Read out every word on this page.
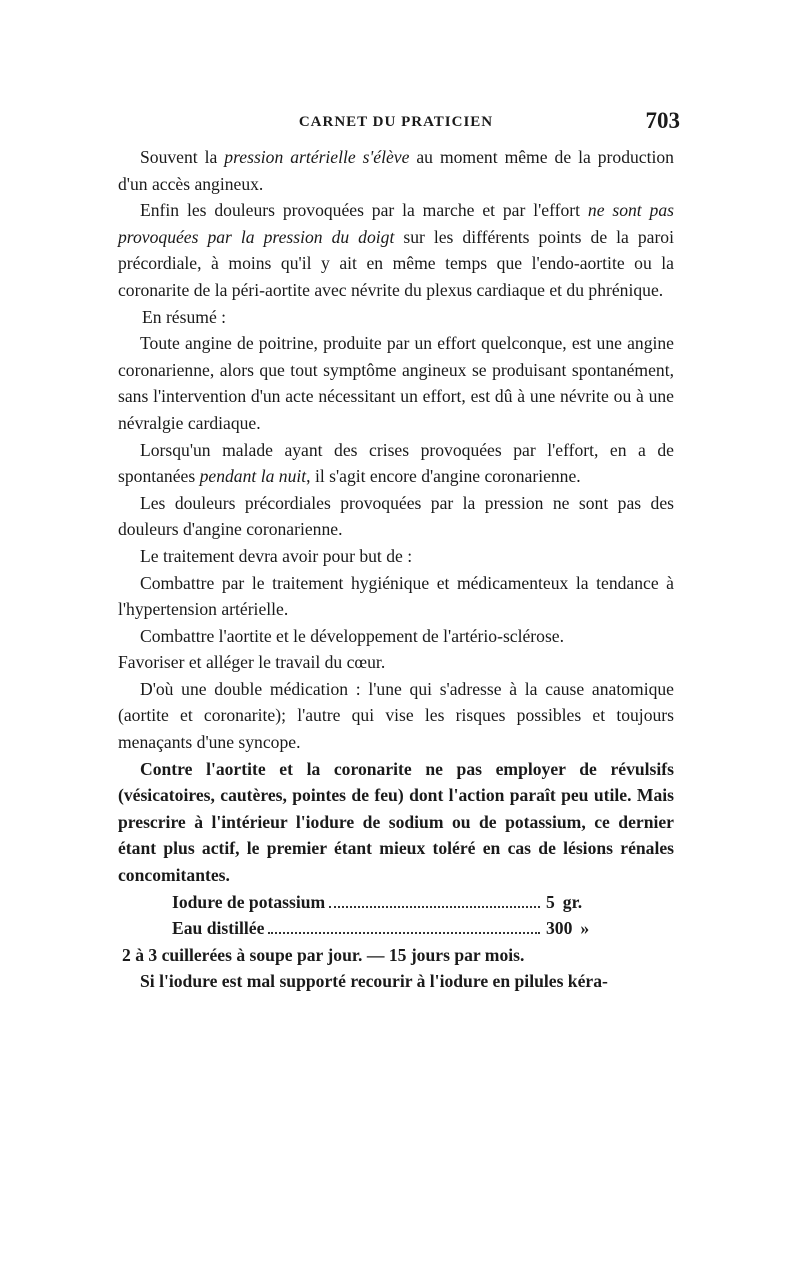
CARNET DU PRATICIEN	703

Souvent la pression artérielle s'élève au moment même de la production d'un accès angineux.

Enfin les douleurs provoquées par la marche et par l'effort ne sont pas provoquées par la pression du doigt sur les différents points de la paroi précordiale, à moins qu'il y ait en même temps que l'endo-aortite ou la coronarite de la péri-aortite avec névrite du plexus cardiaque et du phrénique.

En résumé :

Toute angine de poitrine, produite par un effort quelconque, est une angine coronarienne, alors que tout symptôme angineux se produisant spontanément, sans l'intervention d'un acte nécessitant un effort, est dû à une névrite ou à une névralgie cardiaque.

Lorsqu'un malade ayant des crises provoquées par l'effort, en a de spontanées pendant la nuit, il s'agit encore d'angine coronarienne.

Les douleurs précordiales provoquées par la pression ne sont pas des douleurs d'angine coronarienne.

Le traitement devra avoir pour but de :

Combattre par le traitement hygiénique et médicamenteux la tendance à l'hypertension artérielle.

Combattre l'aortite et le développement de l'artério-sclérose.

Favoriser et alléger le travail du cœur.

D'où une double médication : l'une qui s'adresse à la cause anatomique (aortite et coronarite); l'autre qui vise les risques possibles et toujours menaçants d'une syncope.

Contre l'aortite et la coronarite ne pas employer de révulsifs (vésicatoires, cautères, pointes de feu) dont l'action paraît peu utile. Mais prescrire à l'intérieur l'iodure de sodium ou de potassium, ce dernier étant plus actif, le premier étant mieux toléré en cas de lésions rénales concomitantes.

Iodure de potassium	5 gr.
Eau distillée	300 »

2 à 3 cuillerées à soupe par jour. — 15 jours par mois.

Si l'iodure est mal supporté recourir à l'iodure en pilules kéra-
